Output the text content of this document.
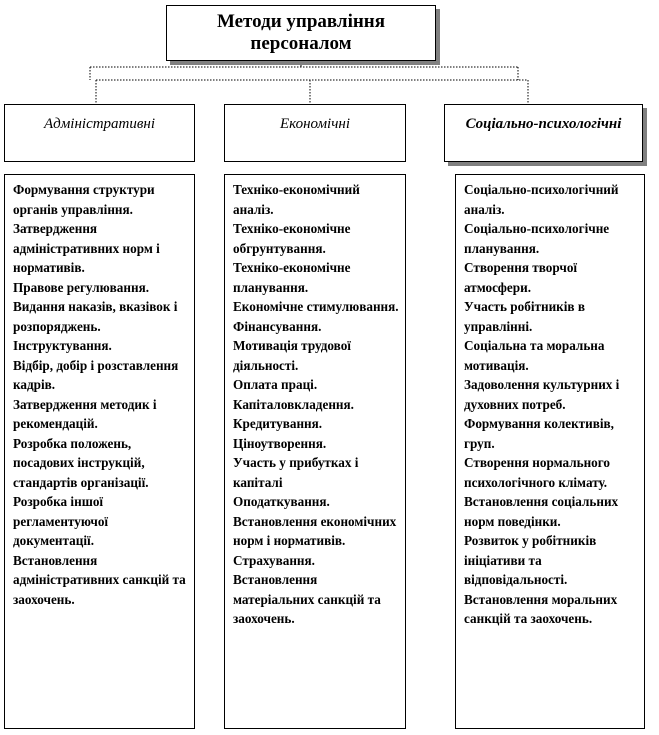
Методи управління персоналом
Адміністративні	Економічні	Соціально-психологічні
Формування структури органів управління.
Затвердження адміністративних норм і нормативів.
Правове регулювання.
Видання наказів, вказівок і розпоряджень.
Інструктування.
Відбір, добір і розставлення кадрів.
Затвердження методик і рекомендацій.
Розробка положень, посадових інструкцій, стандартів організації.
Розробка іншої регламентуючої документації.
Встановлення адміністративних санкцій та заохочень.
Техніко-економічний аналіз.
Техніко-економічне обгрунтування.
Техніко-економічне планування.
Економічне стимулювання.
Фінансування.
Мотивація трудової діяльності.
Оплата праці.
Капіталовкладення.
Кредитування.
Ціноутворення.
Участь у прибутках і капіталі
Оподаткування.
Встановлення економічних норм і нормативів.
Страхування.
Встановлення матеріальних санкцій та заохочень.
Соціально-психологічний аналіз.
Соціально-психологічне планування.
Створення творчої атмосфери.
Участь робітників в управлінні.
Соціальна та моральна мотивація.
Задоволення культурних і духовних потреб.
Формування колективів, груп.
Створення нормального психологічного клімату.
Встановлення соціальних норм поведінки.
Розвиток у робітників ініціативи та відповідальності.
Встановлення моральних санкцій та заохочень.
